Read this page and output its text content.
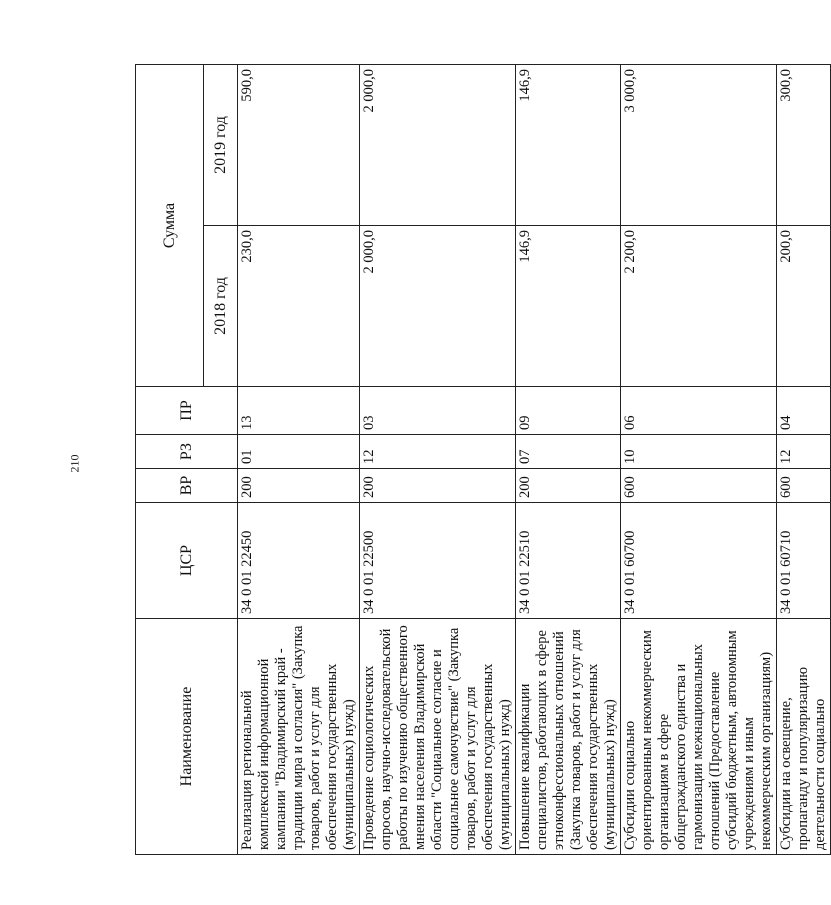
210
Наименование	ЦСР	ВР	РЗ	ПР	Сумма	
					2018 год	2019 год
Реализация региональной комплексной информационной кампании "Владимирский край - традиции мира и согласия" (Закупка товаров, работ и услуг для обеспечения государственных (муниципальных) нужд)	34 0 01 22450	200	01	13	230,0	590,0
Проведение социологических опросов, научно-исследовательской работы по изучению общественного мнения населения Владимирской области "Социальное согласие и социальное самочувствие" (Закупка товаров, работ и услуг для обеспечения государственных (муниципальных) нужд)	34 0 01 22500	200	12	03	2 000,0	2 000,0
Повышение квалификации специалистов, работающих в сфере этноконфессиональных отношений (Закупка товаров, работ и услуг для обеспечения государственных (муниципальных) нужд)	34 0 01 22510	200	07	09	146,9	146,9
Субсидии социально ориентированным некоммерческим организациям в сфере общегражданского единства и гармонизации межнациональных отношений (Предоставление субсидий бюджетным, автономным учреждениям и иным некоммерческим организациям)	34 0 01 60700	600	10	06	2 200,0	3 000,0
Субсидии на освещение, пропаганду и популяризацию деятельности социально	34 0 01 60710	600	12	04	200,0	300,0
